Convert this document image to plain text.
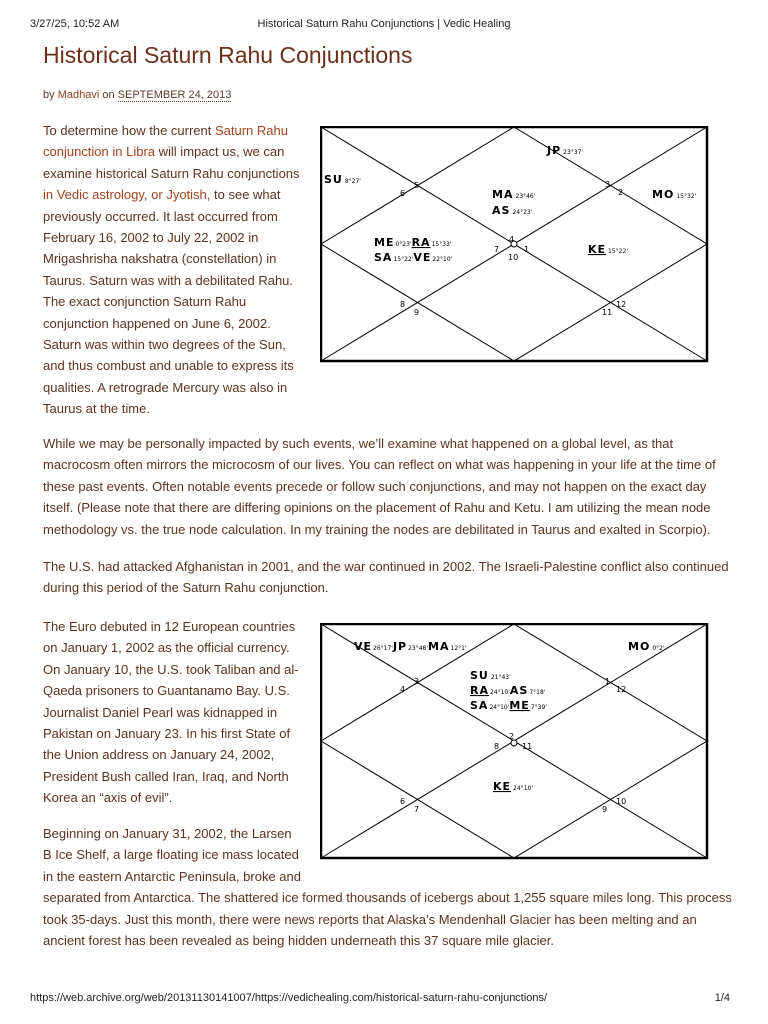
3/27/25, 10:52 AM	Historical Saturn Rahu Conjunctions | Vedic Healing
Historical Saturn Rahu Conjunctions
by Madhavi on SEPTEMBER 24, 2013

To determine how the current Saturn Rahu conjunction in Libra will impact us, we can examine historical Saturn Rahu conjunctions in Vedic astrology, or Jyotish, to see what previously occurred. It last occurred from February 16, 2002 to July 22, 2002 in Mrigashrisha nakshatra (constellation) in Taurus. Saturn was with a debilitated Rahu. The exact conjunction Saturn Rahu conjunction happened on June 6, 2002. Saturn was within two degrees of the Sun, and thus combust and unable to express its qualities. A retrograde Mercury was also in Taurus at the time.

1
2
3
4
5
6
7
8
9
10
11
12
JP 23°37'
SU 8°27'
MA 23°46'
AS 24°23'
MO 15°32'
ME0°23'RA15°33'
SA15°22'VE22°10'
KE 15°22'

While we may be personally impacted by such events, we’ll examine what happened on a global level, as that macrocosm often mirrors the microcosm of our lives. You can reflect on what was happening in your life at the time of these past events. Often notable events precede or follow such conjunctions, and may not happen on the exact day itself. (Please note that there are differing opinions on the placement of Rahu and Ketu. I am utilizing the mean node methodology vs. the true node calculation. In my training the nodes are debilitated in Taurus and exalted in Scorpio).

The U.S. had attacked Afghanistan in 2001, and the war continued in 2002. The Israeli-Palestine conflict also continued during this period of the Saturn Rahu conjunction.

The Euro debuted in 12 European countries on January 1, 2002 as the official currency. On January 10, the U.S. took Taliban and al-Qaeda prisoners to Guantanamo Bay. U.S. Journalist Daniel Pearl was kidnapped in Pakistan on January 23. In his first State of the Union address on January 24, 2002, President Bush called Iran, Iraq, and North Korea an “axis of evil”.

1
12
2
3
4
6
7
8	11
9
10
VE26°17'JP23°48'MA12°1'	MO 0°2'
SU 21°43'
RA24°10'AS7°18'
SA24°10'ME7°39'
KE 24°10'

Beginning on January 31, 2002, the Larsen B Ice Shelf, a large floating ice mass located in the eastern Antarctic Peninsula, broke and separated from Antarctica. The shattered ice formed thousands of icebergs about 1,255 square miles long. This process took 35-days. Just this month, there were news reports that Alaska’s Mendenhall Glacier has been melting and an ancient forest has been revealed as being hidden underneath this 37 square mile glacier.

https://web.archive.org/web/20131130141007/https://vedichealing.com/historical-saturn-rahu-conjunctions/	1/4
